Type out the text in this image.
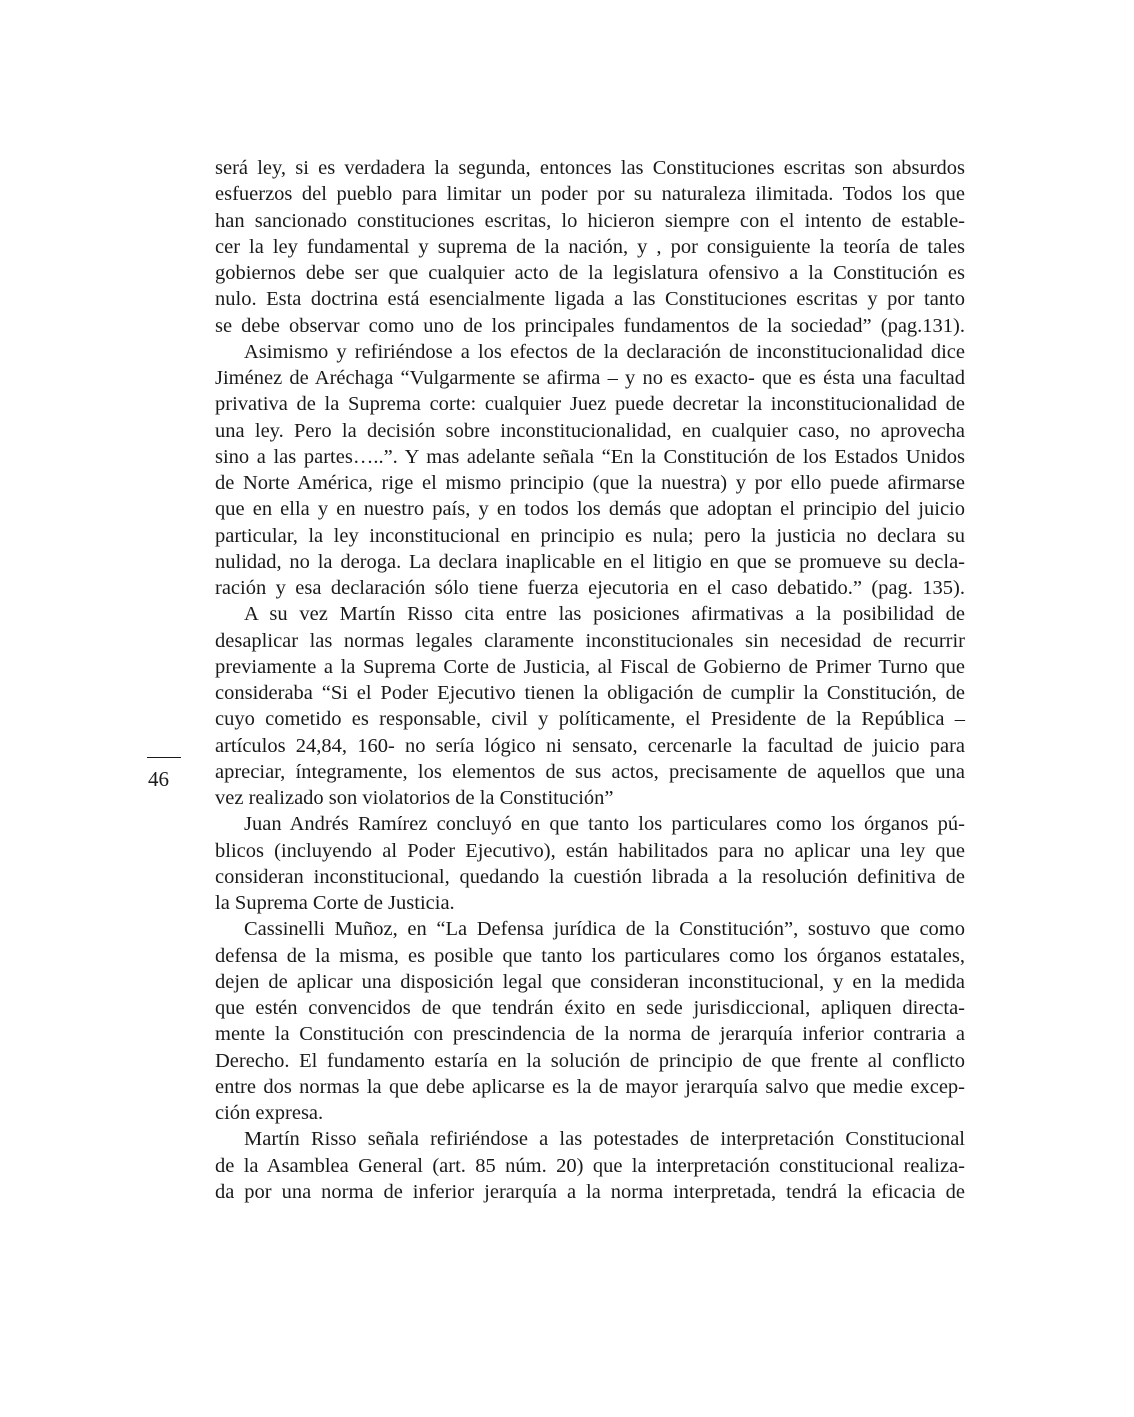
46
será ley, si es verdadera la segunda, entonces las Constituciones escritas son absurdos
esfuerzos del pueblo para limitar un poder por su naturaleza ilimitada. Todos los que
han sancionado constituciones escritas, lo hicieron siempre con el intento de estable-
cer la ley fundamental y suprema de la nación, y , por consiguiente la teoría de tales
gobiernos debe ser que cualquier acto de la legislatura ofensivo a la Constitución es
nulo. Esta doctrina está esencialmente ligada a las Constituciones escritas y por tanto
se debe observar como uno de los principales fundamentos de la sociedad” (pag.131).
Asimismo y refiriéndose a los efectos de la declaración de inconstitucionalidad dice
Jiménez de Aréchaga “Vulgarmente se afirma – y no es exacto- que es ésta una facultad
privativa de la Suprema corte: cualquier Juez puede decretar la inconstitucionalidad de
una ley. Pero la decisión sobre inconstitucionalidad, en cualquier caso, no aprovecha
sino a las partes…..”. Y mas adelante señala “En la Constitución de los Estados Unidos
de Norte América, rige el mismo principio (que la nuestra) y por ello puede afirmarse
que en ella y en nuestro país, y en todos los demás que adoptan el principio del juicio
particular, la ley inconstitucional en principio es nula; pero la justicia no declara su
nulidad, no la deroga. La declara inaplicable en el litigio en que se promueve su decla-
ración y esa declaración sólo tiene fuerza ejecutoria en el caso debatido.” (pag. 135).
A su vez Martín Risso cita entre las posiciones afirmativas a la posibilidad de
desaplicar las normas legales claramente inconstitucionales sin necesidad de recurrir
previamente a la Suprema Corte de Justicia, al Fiscal de Gobierno de Primer Turno que
consideraba “Si el Poder Ejecutivo tienen la obligación de cumplir la Constitución, de
cuyo cometido es responsable, civil y políticamente, el Presidente de la República –
artículos 24,84, 160- no sería lógico ni sensato, cercenarle la facultad de juicio para
apreciar, íntegramente, los elementos de sus actos, precisamente de aquellos que una
vez realizado son violatorios de la Constitución”
Juan Andrés Ramírez concluyó en que tanto los particulares como los órganos pú-
blicos (incluyendo al Poder Ejecutivo), están habilitados para no aplicar una ley que
consideran inconstitucional, quedando la cuestión librada a la resolución definitiva de
la Suprema Corte de Justicia.
Cassinelli Muñoz, en “La Defensa jurídica de la Constitución”, sostuvo que como
defensa de la misma, es posible que tanto los particulares como los órganos estatales,
dejen de aplicar una disposición legal que consideran inconstitucional, y en la medida
que estén convencidos de que tendrán éxito en sede jurisdiccional, apliquen directa-
mente la Constitución con prescindencia de la norma de jerarquía inferior contraria a
Derecho. El fundamento estaría en la solución de principio de que frente al conflicto
entre dos normas la que debe aplicarse es la de mayor jerarquía salvo que medie excep-
ción expresa.
Martín Risso señala refiriéndose a las potestades de interpretación Constitucional
de la Asamblea General (art. 85 núm. 20) que la interpretación constitucional realiza-
da por una norma de inferior jerarquía a la norma interpretada, tendrá la eficacia de
